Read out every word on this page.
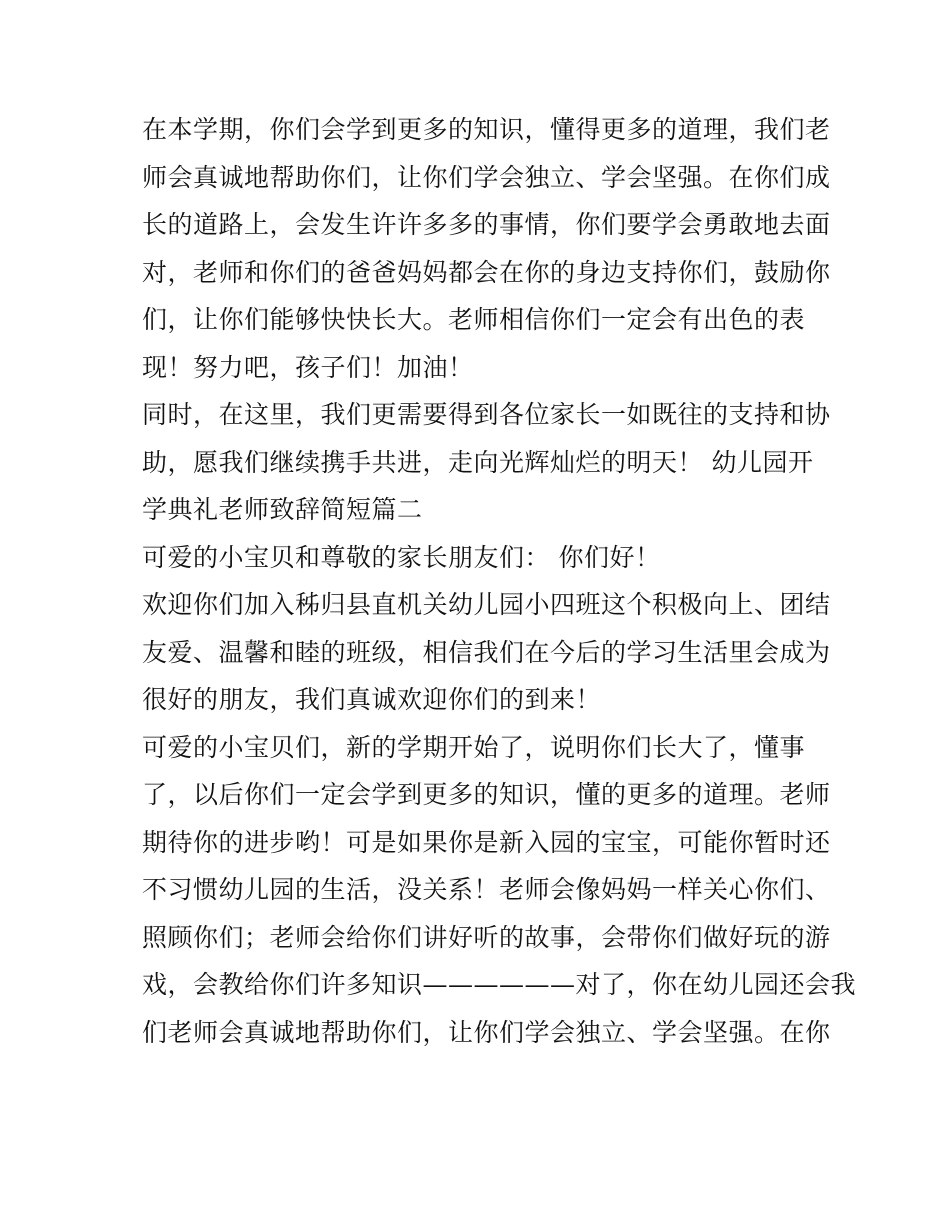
在本学期，你们会学到更多的知识，懂得更多的道理，我们老
师会真诚地帮助你们，让你们学会独立、学会坚强。在你们成
长的道路上，会发生许许多多的事情，你们要学会勇敢地去面
对，老师和你们的爸爸妈妈都会在你的身边支持你们，鼓励你
们，让你们能够快快长大。老师相信你们一定会有出色的表
现！努力吧，孩子们！加油！
同时，在这里，我们更需要得到各位家长一如既往的支持和协
助，愿我们继续携手共进，走向光辉灿烂的明天！ 幼儿园开
学典礼老师致辞简短篇二
可爱的小宝贝和尊敬的家长朋友们： 你们好！
欢迎你们加入秭归县直机关幼儿园小四班这个积极向上、团结
友爱、温馨和睦的班级，相信我们在今后的学习生活里会成为
很好的朋友，我们真诚欢迎你们的到来！
可爱的小宝贝们，新的学期开始了，说明你们长大了，懂事
了，以后你们一定会学到更多的知识，懂的更多的道理。老师
期待你的进步哟！可是如果你是新入园的宝宝，可能你暂时还
不习惯幼儿园的生活，没关系！老师会像妈妈一样关心你们、
照顾你们；老师会给你们讲好听的故事，会带你们做好玩的游
戏，会教给你们许多知识——————对了，你在幼儿园还会我
们老师会真诚地帮助你们，让你们学会独立、学会坚强。在你
